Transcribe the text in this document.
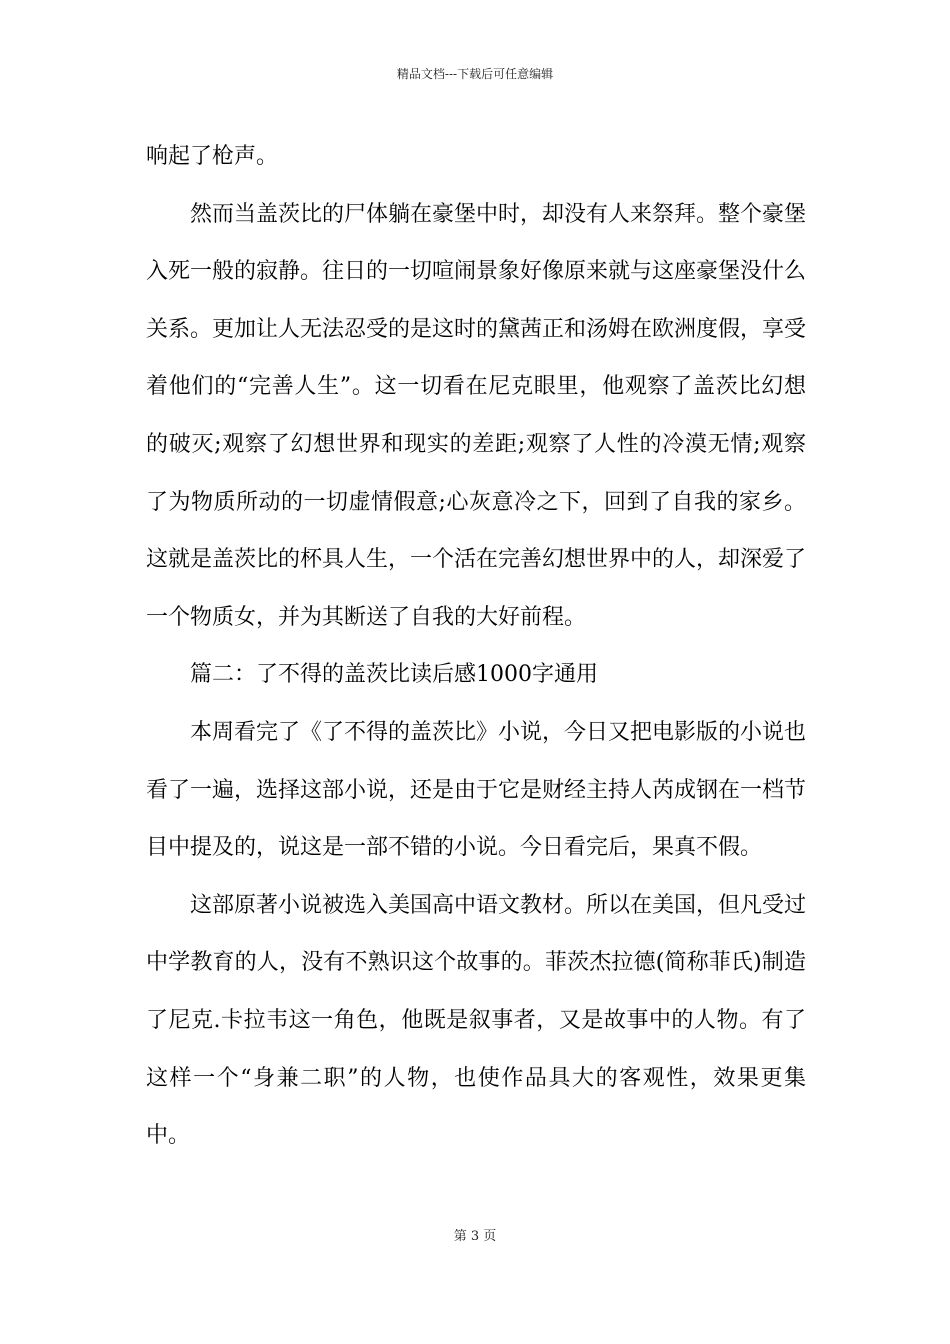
精品文档---下载后可任意编辑

响起了枪声。

然而当盖茨比的尸体躺在豪堡中时，却没有人来祭拜。整个豪堡入死一般的寂静。往日的一切喧闹景象好像原来就与这座豪堡没什么关系。更加让人无法忍受的是这时的黛茜正和汤姆在欧洲度假，享受着他们的“完善人生”。这一切看在尼克眼里，他观察了盖茨比幻想的破灭;观察了幻想世界和现实的差距;观察了人性的冷漠无情;观察了为物质所动的一切虚情假意;心灰意冷之下，回到了自我的家乡。这就是盖茨比的杯具人生，一个活在完善幻想世界中的人，却深爱了一个物质女，并为其断送了自我的大好前程。

篇二：了不得的盖茨比读后感1000字通用

本周看完了《了不得的盖茨比》小说，今日又把电影版的小说也看了一遍，选择这部小说，还是由于它是财经主持人芮成钢在一档节目中提及的，说这是一部不错的小说。今日看完后，果真不假。

这部原著小说被选入美国高中语文教材。所以在美国，但凡受过中学教育的人，没有不熟识这个故事的。菲茨杰拉德(简称菲氏)制造了尼克.卡拉韦这一角色，他既是叙事者，又是故事中的人物。有了这样一个“身兼二职”的人物，也使作品具大的客观性，效果更集中。

第 3 页
